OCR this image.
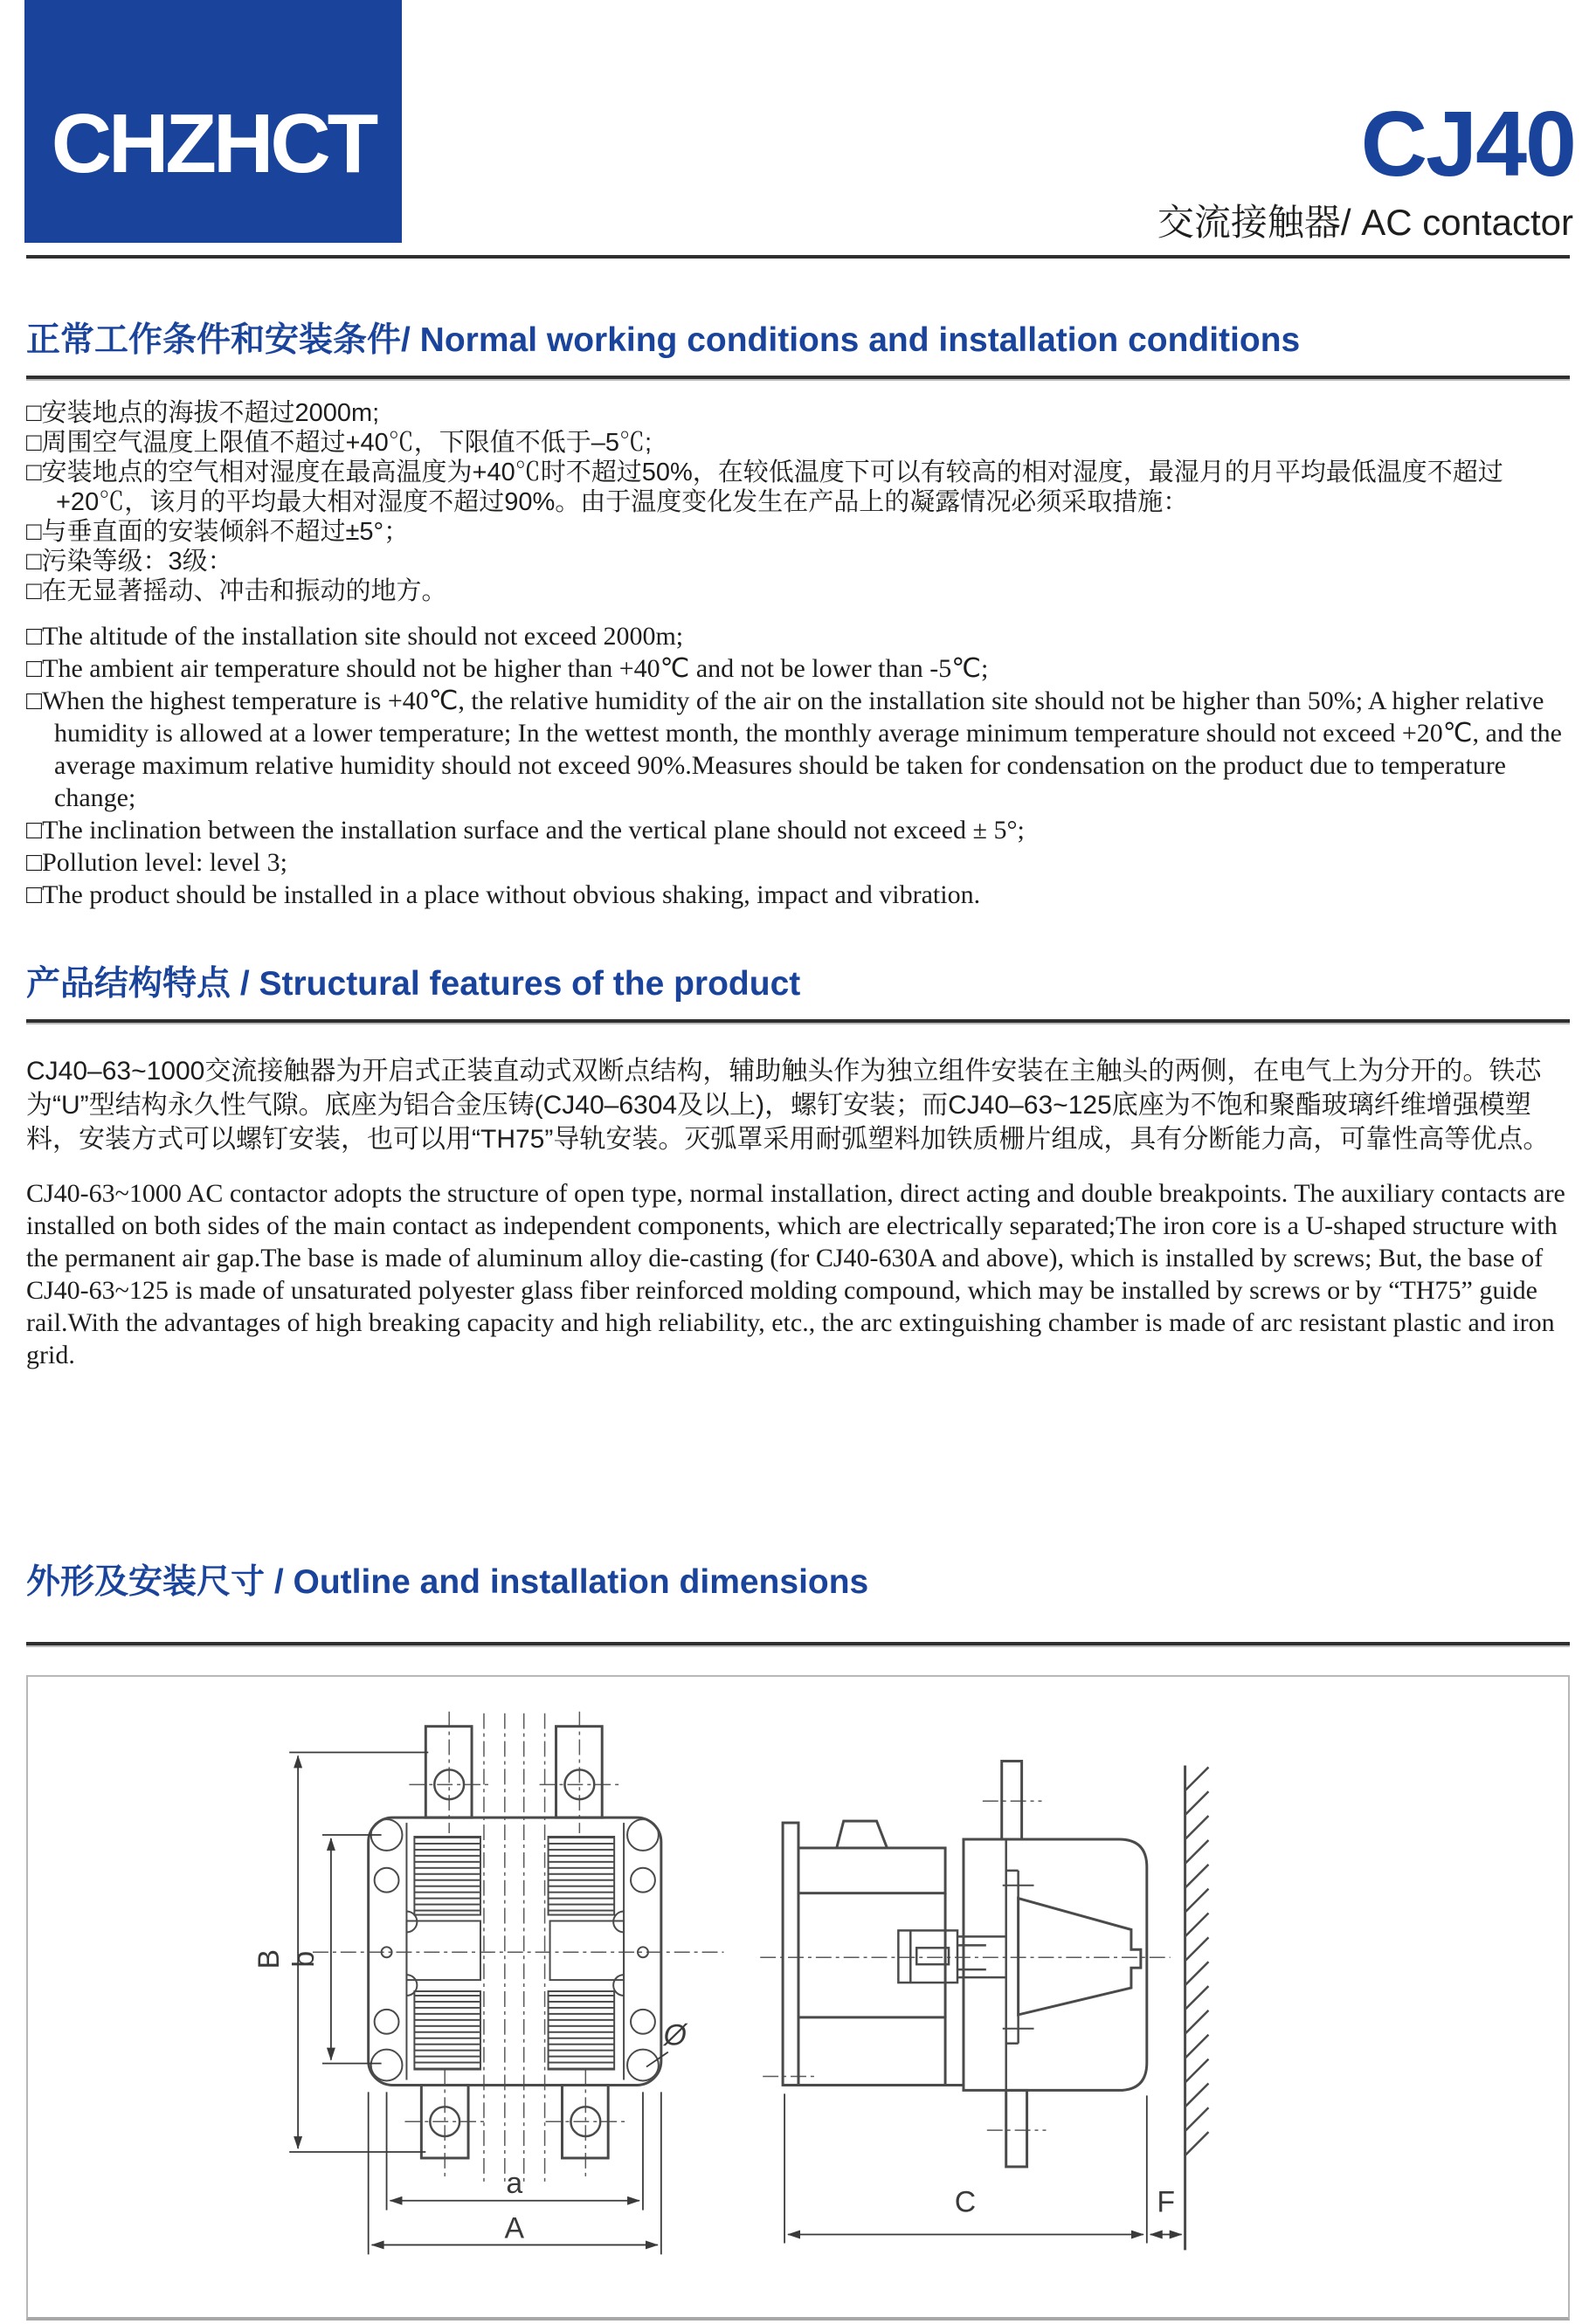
CHZHCT	CJ40
交流接触器/ AC contactor
正常工作条件和安装条件/ Normal working conditions and installation conditions
□安装地点的海拔不超过2000m;
□周围空气温度上限值不超过+40℃，下限值不低于–5℃;
□安装地点的空气相对湿度在最高温度为+40℃时不超过50%，在较低温度下可以有较高的相对湿度，最湿月的月平均最低温度不超过 +20℃，该月的平均最大相对湿度不超过90%。由于温度变化发生在产品上的凝露情况必须采取措施：
□与垂直面的安装倾斜不超过±5°；
□污染等级：3级：
□在无显著摇动、冲击和振动的地方。
□The altitude of the installation site should not exceed 2000m;
□The ambient air temperature should not be higher than +40℃ and not be lower than -5℃;
□When the highest temperature is +40℃, the relative humidity of the air on the installation site should not be higher than 50%; A higher relative humidity is allowed at a lower temperature; In the wettest month, the monthly average minimum temperature should not exceed +20℃, and the average maximum relative humidity should not exceed 90%.Measures should be taken for condensation on the product due to temperature change;
□The inclination between the installation surface and the vertical plane should not exceed ± 5°;
□Pollution level: level 3;
□The product should be installed in a place without obvious shaking, impact and vibration.
产品结构特点 / Structural features of the product
CJ40–63~1000交流接触器为开启式正装直动式双断点结构，辅助触头作为独立组件安装在主触头的两侧，在电气上为分开的。铁芯为“U”型结构永久性气隙。底座为铝合金压铸(CJ40–6304及以上)，螺钉安装；而CJ40–63~125底座为不饱和聚酯玻璃纤维增强模塑料，安装方式可以螺钉安装，也可以用“TH75”导轨安装。灭弧罩采用耐弧塑料加铁质栅片组成，具有分断能力高，可靠性高等优点。
CJ40-63~1000 AC contactor adopts the structure of open type, normal installation, direct acting and double breakpoints. The auxiliary contacts are installed on both sides of the main contact as independent components, which are electrically separated;The iron core is a U-shaped structure with the permanent air gap.The base is made of aluminum alloy die-casting (for CJ40-630A and above), which is installed by screws; But, the base of CJ40-63~125 is made of unsaturated polyester glass fiber reinforced molding compound, which may be installed by screws or by “TH75” guide rail.With the advantages of high breaking capacity and high reliability, etc., the arc extinguishing chamber is made of arc resistant plastic and iron grid.
外形及安装尺寸 / Outline and installation dimensions
B b
a
A
Ø
C	F
